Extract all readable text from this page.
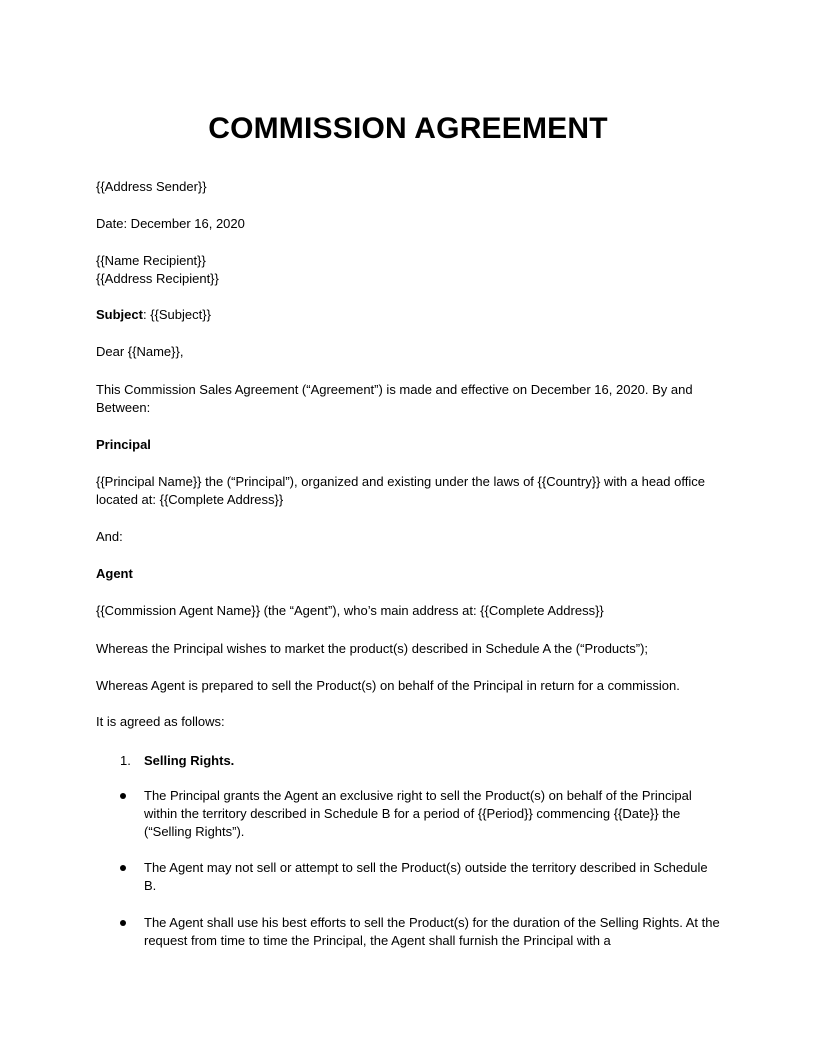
COMMISSION AGREEMENT

{{Address Sender}}

Date: December 16, 2020

{{Name Recipient}}

{{Address Recipient}}

Subject: {{Subject}}

Dear {{Name}},

This Commission Sales Agreement (“Agreement”) is made and effective on December 16, 2020. By and Between:

Principal

{{Principal Name}} the (“Principal”), organized and existing under the laws of {{Country}} with a head office located at: {{Complete Address}}

And:

Agent

{{Commission Agent Name}} (the “Agent”), who’s main address at: {{Complete Address}}

Whereas the Principal wishes to market the product(s) described in Schedule A the (“Products”);

Whereas Agent is prepared to sell the Product(s) on behalf of the Principal in return for a commission.

It is agreed as follows:

1.	Selling Rights.
The Principal grants the Agent an exclusive right to sell the Product(s) on behalf of the Principal within the territory described in Schedule B for a period of {{Period}} commencing {{Date}} the (“Selling Rights”).
The Agent may not sell or attempt to sell the Product(s) outside the territory described in Schedule B.
The Agent shall use his best efforts to sell the Product(s) for the duration of the Selling Rights. At the request from time to time the Principal, the Agent shall furnish the Principal with a
